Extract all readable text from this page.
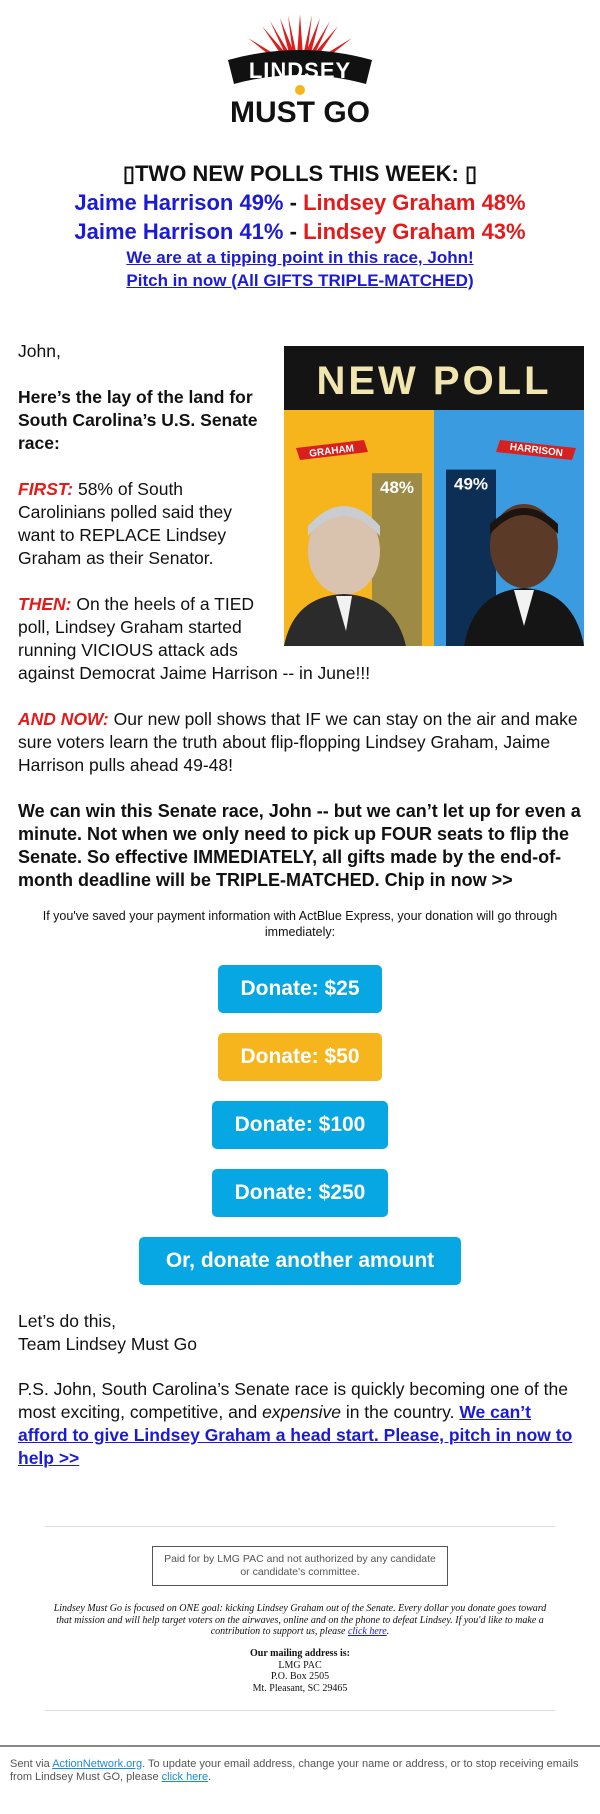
LINDSEY
MUST GO
▯TWO NEW POLLS THIS WEEK: ▯
Jaime Harrison 49% - Lindsey Graham 48%
Jaime Harrison 41% - Lindsey Graham 43%
We are at a tipping point in this race, John!
Pitch in now (All GIFTS TRIPLE-MATCHED)
NEW POLL
48% 49%
GRAHAM	HARRISON

John,

Here’s the lay of the land for South Carolina’s U.S. Senate race:

FIRST: 58% of South Carolinians polled said they want to REPLACE Lindsey Graham as their Senator.

THEN: On the heels of a TIED poll, Lindsey Graham started running VICIOUS attack ads against Democrat Jaime Harrison -- in June!!!

AND NOW: Our new poll shows that IF we can stay on the air and make sure voters learn the truth about flip-flopping Lindsey Graham, Jaime Harrison pulls ahead 49-48!

We can win this Senate race, John -- but we can’t let up for even a minute. Not when we only need to pick up FOUR seats to flip the Senate. So effective IMMEDIATELY, all gifts made by the end-of-month deadline will be TRIPLE-MATCHED. Chip in now >>

If you've saved your payment information with ActBlue Express, your donation will go through immediately:
Donate: $25
Donate: $50
Donate: $100
Donate: $250
Or, donate another amount
Let’s do this,
Team Lindsey Must Go
P.S. John, South Carolina’s Senate race is quickly becoming one of the most exciting, competitive, and expensive in the country. We can’t afford to give Lindsey Graham a head start. Please, pitch in now to help >>
Paid for by LMG PAC and not authorized by any candidate or candidate's committee.
Lindsey Must Go is focused on ONE goal: kicking Lindsey Graham out of the Senate. Every dollar you donate goes toward that mission and will help target voters on the airwaves, online and on the phone to defeat Lindsey. If you'd like to make a contribution to support us, please click here.
Our mailing address is:
LMG PAC
P.O. Box 2505
Mt. Pleasant, SC 29465
Sent via ActionNetwork.org. To update your email address, change your name or address, or to stop receiving emails from Lindsey Must GO, please click here.
